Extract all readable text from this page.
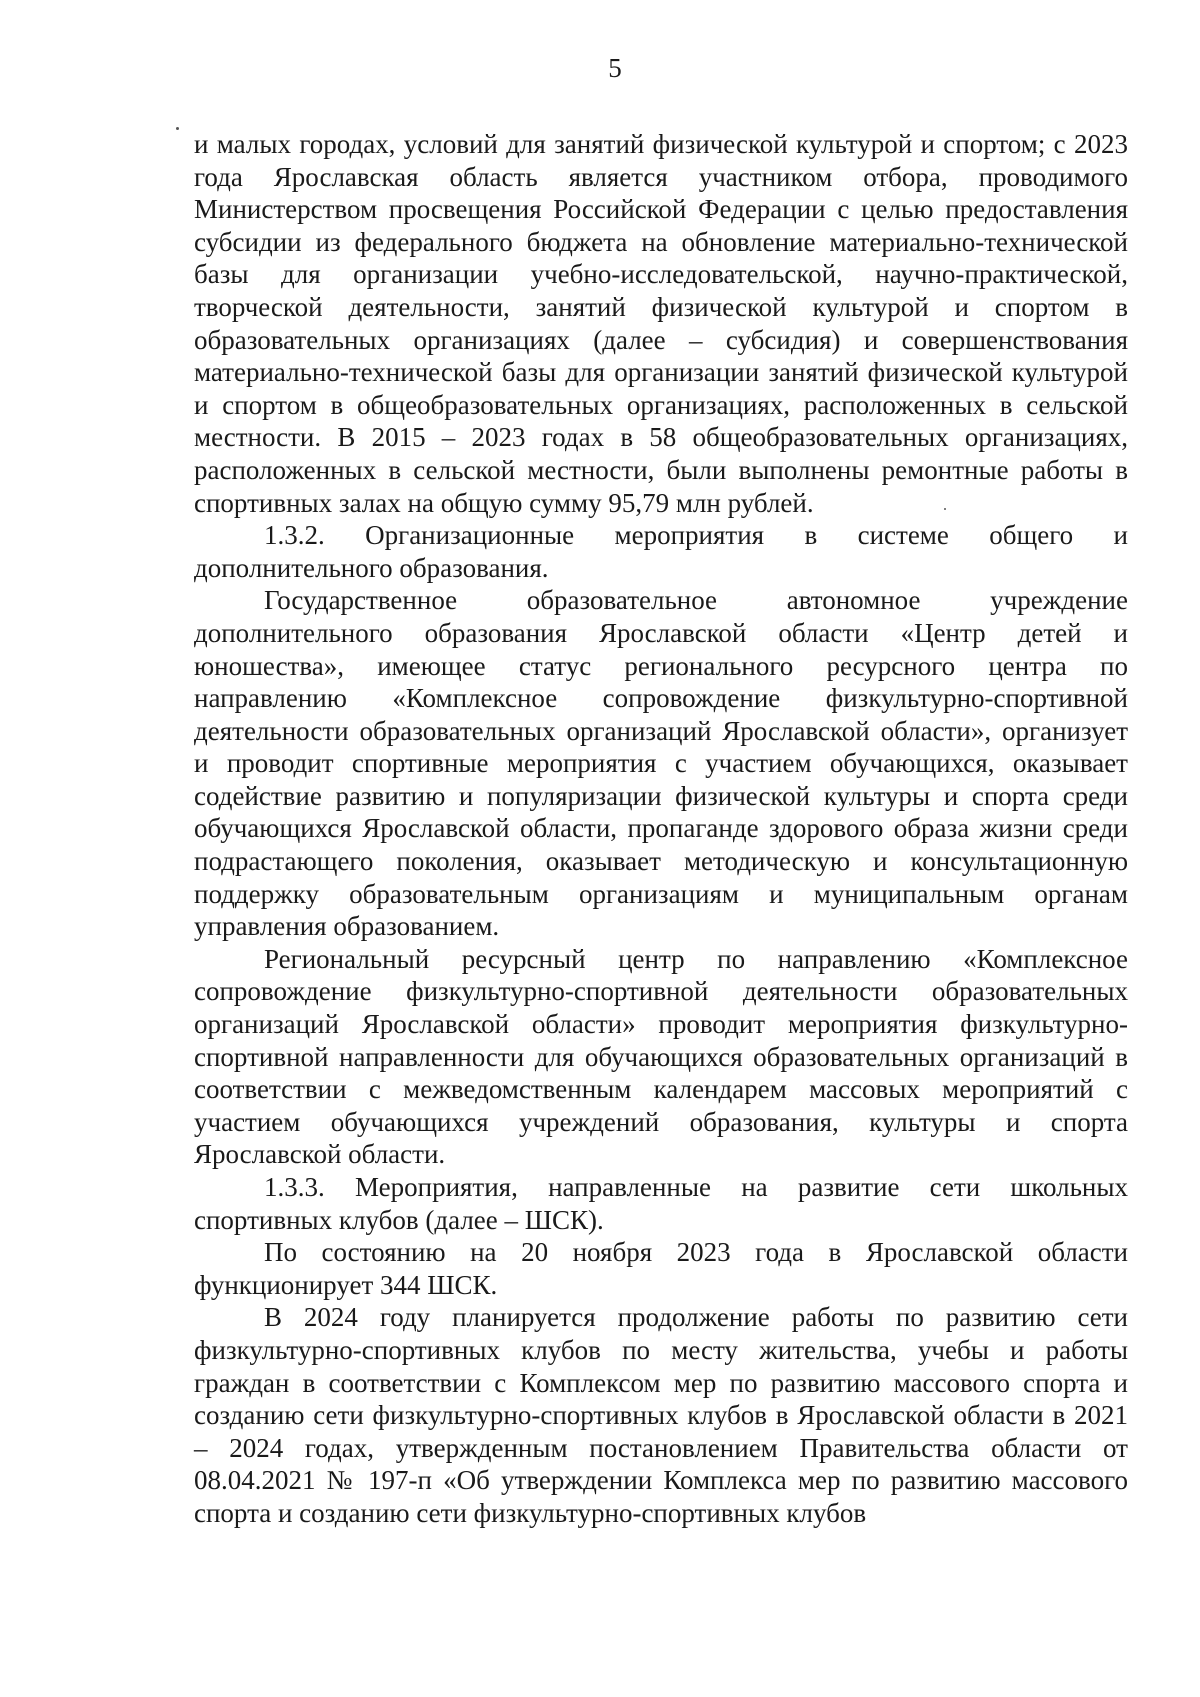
5

и малых городах, условий для занятий физической культурой и спортом; с 2023 года Ярославская область является участником отбора, проводимого Министерством просвещения Российской Федерации с целью предоставления субсидии из федерального бюджета на обновление материально-технической базы для организации учебно-исследовательской, научно-практической, творческой деятельности, занятий физической культурой и спортом в образовательных организациях (далее – субсидия) и совершенствования материально-технической базы для организации занятий физической культурой и спортом в общеобразовательных организациях, расположенных в сельской местности. В 2015 – 2023 годах в 58 общеобразовательных организациях, расположенных в сельской местности, были выполнены ремонтные работы в спортивных залах на общую сумму 95,79 млн рублей.

1.3.2. Организационные мероприятия в системе общего и дополнительного образования.

Государственное образовательное автономное учреждение дополнительного образования Ярославской области «Центр детей и юношества», имеющее статус регионального ресурсного центра по направлению «Комплексное сопровождение физкультурно-спортивной деятельности образовательных организаций Ярославской области», организует и проводит спортивные мероприятия с участием обучающихся, оказывает содействие развитию и популяризации физической культуры и спорта среди обучающихся Ярославской области, пропаганде здорового образа жизни среди подрастающего поколения, оказывает методическую и консультационную поддержку образовательным организациям и муниципальным органам управления образованием.

Региональный ресурсный центр по направлению «Комплексное сопровождение физкультурно-спортивной деятельности образовательных организаций Ярославской области» проводит мероприятия физкультурно-спортивной направленности для обучающихся образовательных организаций в соответствии с межведомственным календарем массовых мероприятий с участием обучающихся учреждений образования, культуры и спорта Ярославской области.

1.3.3. Мероприятия, направленные на развитие сети школьных спортивных клубов (далее – ШСК).

По состоянию на 20 ноября 2023 года в Ярославской области функционирует 344 ШСК.

В 2024 году планируется продолжение работы по развитию сети физкультурно-спортивных клубов по месту жительства, учебы и работы граждан в соответствии с Комплексом мер по развитию массового спорта и созданию сети физкультурно-спортивных клубов в Ярославской области в 2021 – 2024 годах, утвержденным постановлением Правительства области от 08.04.2021 № 197-п «Об утверждении Комплекса мер по развитию массового спорта и созданию сети физкультурно-спортивных клубов
